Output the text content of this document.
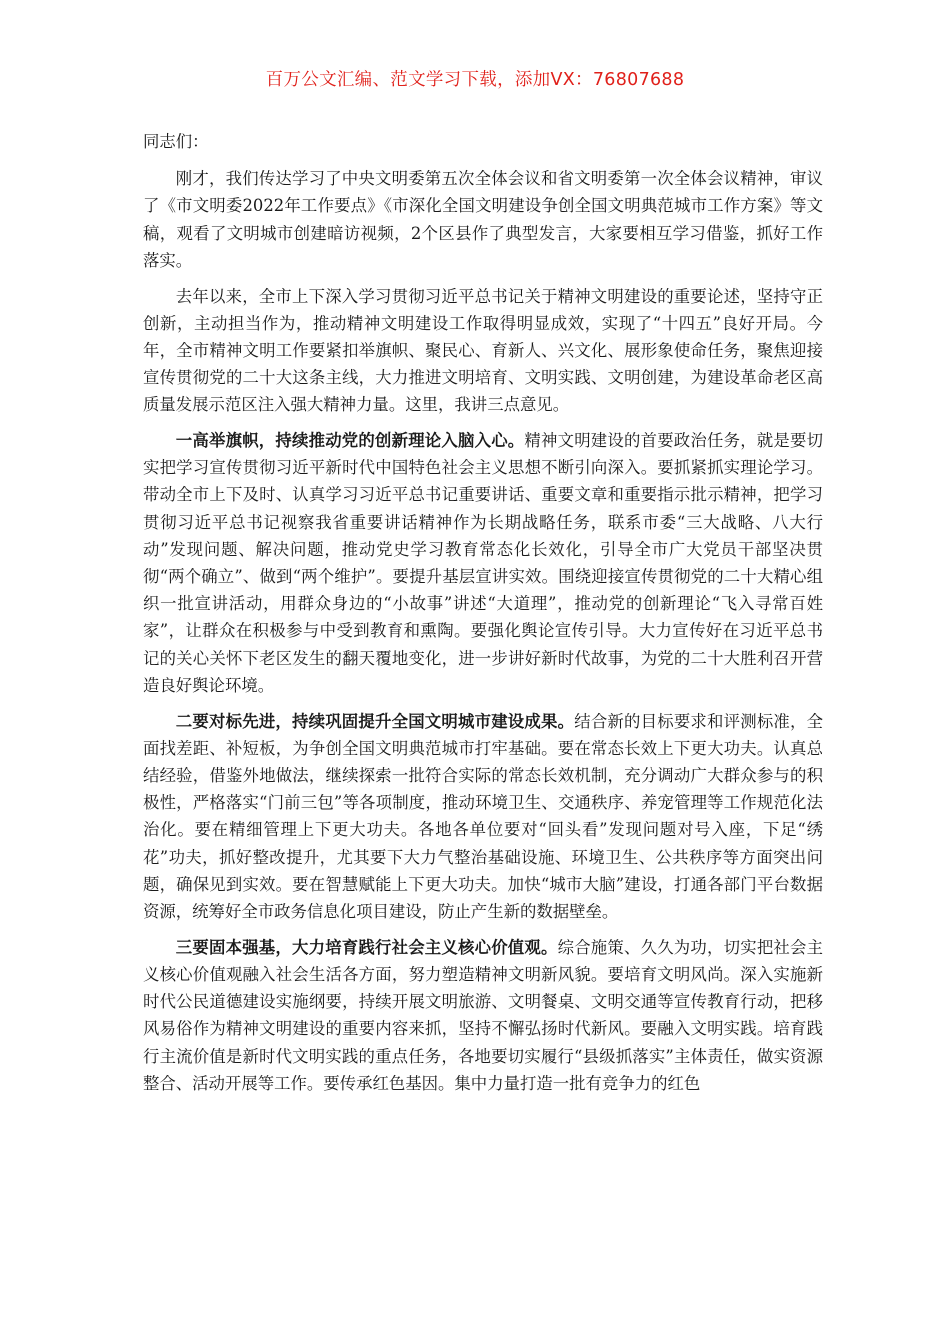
百万公文汇编、范文学习下载，添加VX：76807688

同志们：

刚才，我们传达学习了中央文明委第五次全体会议和省文明委第一次全体会议精神，审议了《市文明委2022年工作要点》《市深化全国文明建设争创全国文明典范城市工作方案》等文稿，观看了文明城市创建暗访视频，2个区县作了典型发言，大家要相互学习借鉴，抓好工作落实。

去年以来，全市上下深入学习贯彻习近平总书记关于精神文明建设的重要论述，坚持守正创新，主动担当作为，推动精神文明建设工作取得明显成效，实现了“十四五”良好开局。今年，全市精神文明工作要紧扣举旗帜、聚民心、育新人、兴文化、展形象使命任务，聚焦迎接宣传贯彻党的二十大这条主线，大力推进文明培育、文明实践、文明创建，为建设革命老区高质量发展示范区注入强大精神力量。这里，我讲三点意见。

一高举旗帜，持续推动党的创新理论入脑入心。精神文明建设的首要政治任务，就是要切实把学习宣传贯彻习近平新时代中国特色社会主义思想不断引向深入。要抓紧抓实理论学习。带动全市上下及时、认真学习习近平总书记重要讲话、重要文章和重要指示批示精神，把学习贯彻习近平总书记视察我省重要讲话精神作为长期战略任务，联系市委“三大战略、八大行动”发现问题、解决问题，推动党史学习教育常态化长效化，引导全市广大党员干部坚决贯彻“两个确立”、做到“两个维护”。要提升基层宣讲实效。围绕迎接宣传贯彻党的二十大精心组织一批宣讲活动，用群众身边的“小故事”讲述“大道理”，推动党的创新理论“飞入寻常百姓家”，让群众在积极参与中受到教育和熏陶。要强化舆论宣传引导。大力宣传好在习近平总书记的关心关怀下老区发生的翻天覆地变化，进一步讲好新时代故事，为党的二十大胜利召开营造良好舆论环境。

二要对标先进，持续巩固提升全国文明城市建设成果。结合新的目标要求和评测标准，全面找差距、补短板，为争创全国文明典范城市打牢基础。要在常态长效上下更大功夫。认真总结经验，借鉴外地做法，继续探索一批符合实际的常态长效机制，充分调动广大群众参与的积极性，严格落实“门前三包”等各项制度，推动环境卫生、交通秩序、养宠管理等工作规范化法治化。要在精细管理上下更大功夫。各地各单位要对“回头看”发现问题对号入座，下足“绣花”功夫，抓好整改提升，尤其要下大力气整治基础设施、环境卫生、公共秩序等方面突出问题，确保见到实效。要在智慧赋能上下更大功夫。加快“城市大脑”建设，打通各部门平台数据资源，统筹好全市政务信息化项目建设，防止产生新的数据壁垒。

三要固本强基，大力培育践行社会主义核心价值观。综合施策、久久为功，切实把社会主义核心价值观融入社会生活各方面，努力塑造精神文明新风貌。要培育文明风尚。深入实施新时代公民道德建设实施纲要，持续开展文明旅游、文明餐桌、文明交通等宣传教育行动，把移风易俗作为精神文明建设的重要内容来抓，坚持不懈弘扬时代新风。要融入文明实践。培育践行主流价值是新时代文明实践的重点任务，各地要切实履行“县级抓落实”主体责任，做实资源整合、活动开展等工作。要传承红色基因。集中力量打造一批有竞争力的红色
